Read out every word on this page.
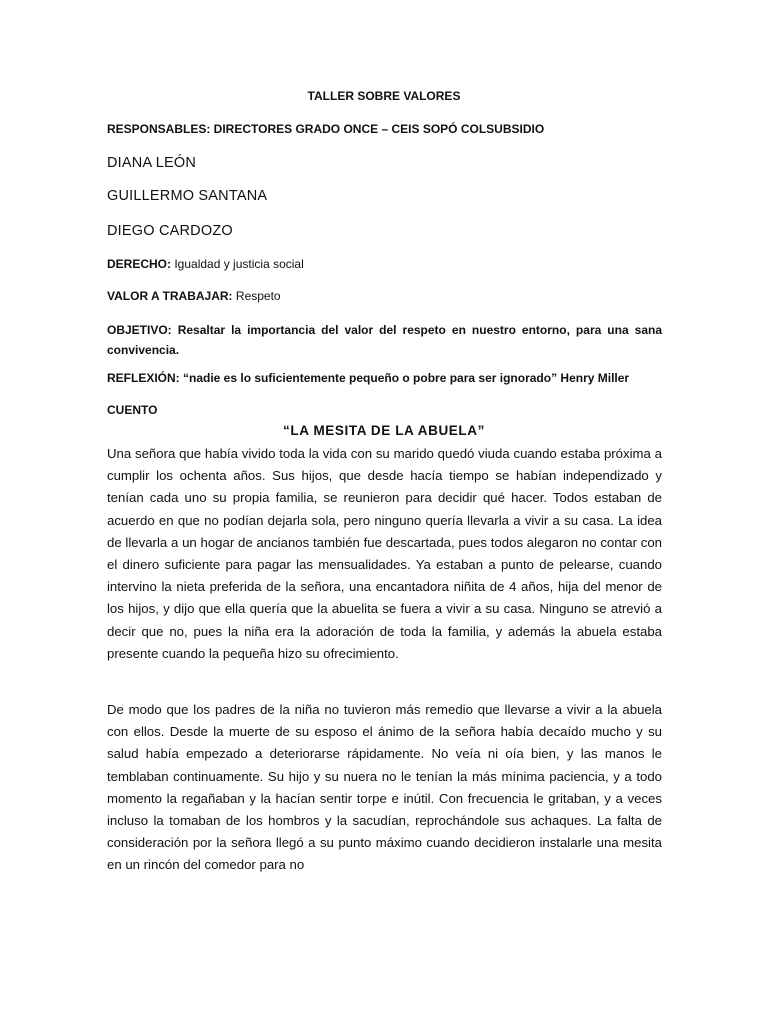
TALLER SOBRE VALORES
RESPONSABLES: DIRECTORES GRADO ONCE – CEIS SOPÓ COLSUBSIDIO
DIANA LEÓN
GUILLERMO SANTANA
DIEGO CARDOZO
DERECHO: Igualdad y justicia social
VALOR A TRABAJAR: Respeto
OBJETIVO: Resaltar la importancia del valor del respeto en nuestro entorno, para una sana convivencia.
REFLEXIÓN: “nadie es lo suficientemente pequeño o pobre para ser ignorado” Henry Miller
CUENTO
“LA MESITA DE LA ABUELA”
Una señora que había vivido toda la vida con su marido quedó viuda cuando estaba próxima a cumplir los ochenta años. Sus hijos, que desde hacía tiempo se habían independizado y tenían cada uno su propia familia, se reunieron para decidir qué hacer. Todos estaban de acuerdo en que no podían dejarla sola, pero ninguno quería llevarla a vivir a su casa. La idea de llevarla a un hogar de ancianos también fue descartada, pues todos alegaron no contar con el dinero suficiente para pagar las mensualidades. Ya estaban a punto de pelearse, cuando intervino la nieta preferida de la señora, una encantadora niñita de 4 años, hija del menor de los hijos, y dijo que ella quería que la abuelita se fuera a vivir a su casa. Ninguno se atrevió a decir que no, pues la niña era la adoración de toda la familia, y además la abuela estaba presente cuando la pequeña hizo su ofrecimiento.
De modo que los padres de la niña no tuvieron más remedio que llevarse a vivir a la abuela con ellos. Desde la muerte de su esposo el ánimo de la señora había decaído mucho y su salud había empezado a deteriorarse rápidamente. No veía ni oía bien, y las manos le temblaban continuamente. Su hijo y su nuera no le tenían la más mínima paciencia, y a todo momento la regañaban y la hacían sentir torpe e inútil. Con frecuencia le gritaban, y a veces incluso la tomaban de los hombros y la sacudían, reprochándole sus achaques. La falta de consideración por la señora llegó a su punto máximo cuando decidieron instalarle una mesita en un rincón del comedor para no
